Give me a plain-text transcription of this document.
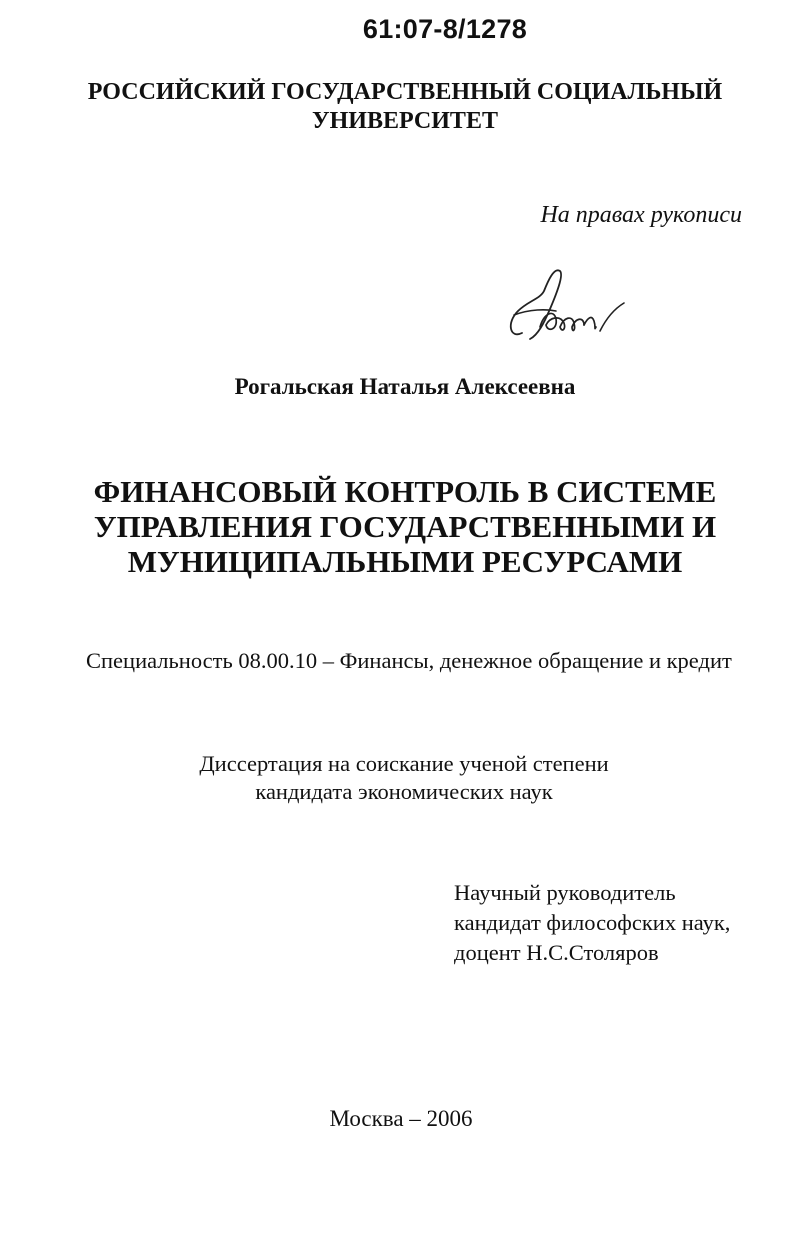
61:07-8/1278
РОССИЙСКИЙ ГОСУДАРСТВЕННЫЙ СОЦИАЛЬНЫЙ
УНИВЕРСИТЕТ
На правах рукописи
Рогальская Наталья Алексеевна
ФИНАНСОВЫЙ КОНТРОЛЬ В СИСТЕМЕ
УПРАВЛЕНИЯ ГОСУДАРСТВЕННЫМИ И
МУНИЦИПАЛЬНЫМИ РЕСУРСАМИ
Специальность 08.00.10 – Финансы, денежное обращение и кредит
Диссертация на соискание ученой степени
кандидата экономических наук
Научный руководитель
кандидат философских наук,
доцент Н.С.Столяров
Москва – 2006
